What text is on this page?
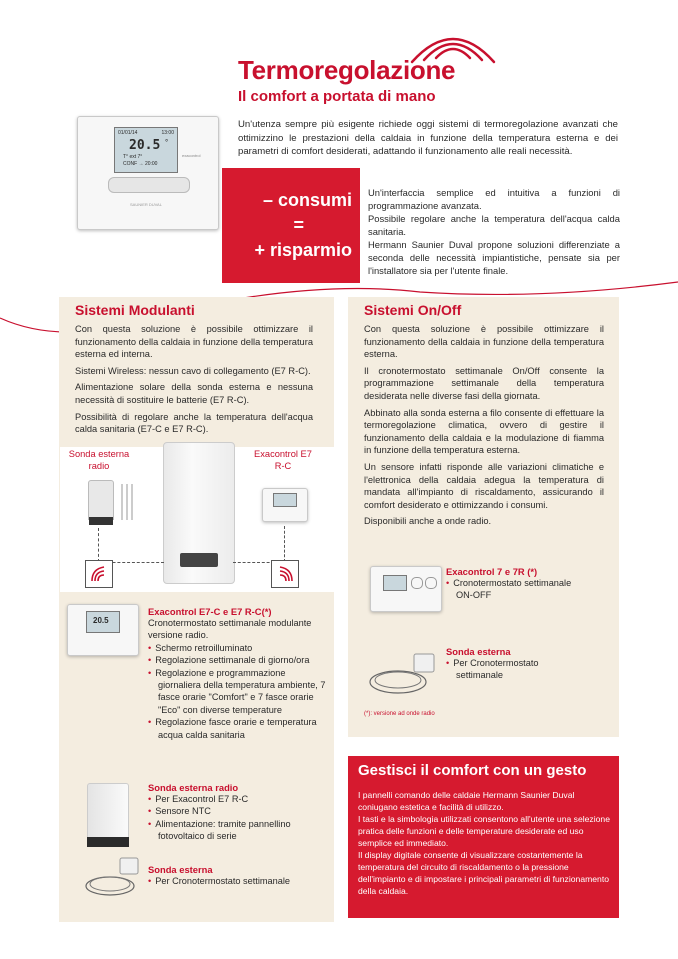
Termoregolazione
Il comfort a portata di mano
Un'utenza sempre più esigente richiede oggi sistemi di termoregolazione avanzati che ottimizzino le prestazioni della caldaia in funzione della temperatura esterna e dei parametri di comfort desiderati, adattando il funzionamento alle reali necessità.
01/01/14	13:00
20.5 °
T° ext 7°
CONF → 20:00
exacontrol
SAUNIER DUVAL	– consumi
=
+ risparmio
Un'interfaccia semplice ed intuitiva a funzioni di programmazione avanzata.
Possibile regolare anche la temperatura dell'acqua calda sanitaria.
Hermann Saunier Duval propone soluzioni differenziate a seconda delle necessità impiantistiche, pensate sia per l'installatore sia per l'utente finale.
Sistemi Modulanti

Con questa soluzione è possibile ottimizzare il funzionamento della caldaia in funzione della temperatura esterna ed interna.

Sistemi Wireless: nessun cavo di collegamento (E7 R-C).

Alimentazione solare della sonda esterna e nessuna necessità di sostituire le batterie (E7 R-C).

Possibilità di regolare anche la temperatura dell'acqua calda sanitaria (E7-C e E7 R-C).

Sonda esterna radio
Exacontrol E7 R-C
20.5
Exacontrol E7-C e E7 R-C(*)
Cronotermostato settimanale modulante versione radio.
• Schermo retroilluminato
• Regolazione settimanale di giorno/ora
• Regolazione e programmazione giornaliera della temperatura ambiente, 7 fasce orarie "Comfort" e 7 fasce orarie "Eco" con diverse temperature
• Regolazione fasce orarie e temperatura acqua calda sanitaria
Sonda esterna radio
• Per Exacontrol E7 R-C
• Sensore NTC
• Alimentazione: tramite pannellino fotovoltaico di serie
Sonda esterna
• Per Cronotermostato settimanale
Sistemi On/Off

Con questa soluzione è possibile ottimizzare il funzionamento della caldaia in funzione della temperatura esterna.

Il cronotermostato settimanale On/Off consente la programmazione settimanale della temperatura desiderata nelle diverse fasi della giornata.

Abbinato alla sonda esterna a filo consente di effettuare la termoregolazione climatica, ovvero di gestire il funzionamento della caldaia e la modulazione di fiamma in funzione della temperatura esterna.

Un sensore infatti risponde alle variazioni climatiche e l'elettronica della caldaia adegua la temperatura di mandata all'impianto di riscaldamento, assicurando il comfort desiderato e ottimizzando i consumi.

Disponibili anche a onde radio.

Exacontrol 7 e 7R (*)
• Cronotermostato settimanale ON-OFF
Sonda esterna
• Per Cronotermostato settimanale
(*): versione ad onde radio
Gestisci il comfort con un gesto
I pannelli comando delle caldaie Hermann Saunier Duval coniugano estetica e facilità di utilizzo.
I tasti e la simbologia utilizzati consentono all'utente una selezione pratica delle funzioni e delle temperature desiderate ed uso semplice ed immediato.
Il display digitale consente di visualizzare costantemente la temperatura del circuito di riscaldamento o la pressione dell'impianto e di impostare i principali parametri di funzionamento della caldaia.
